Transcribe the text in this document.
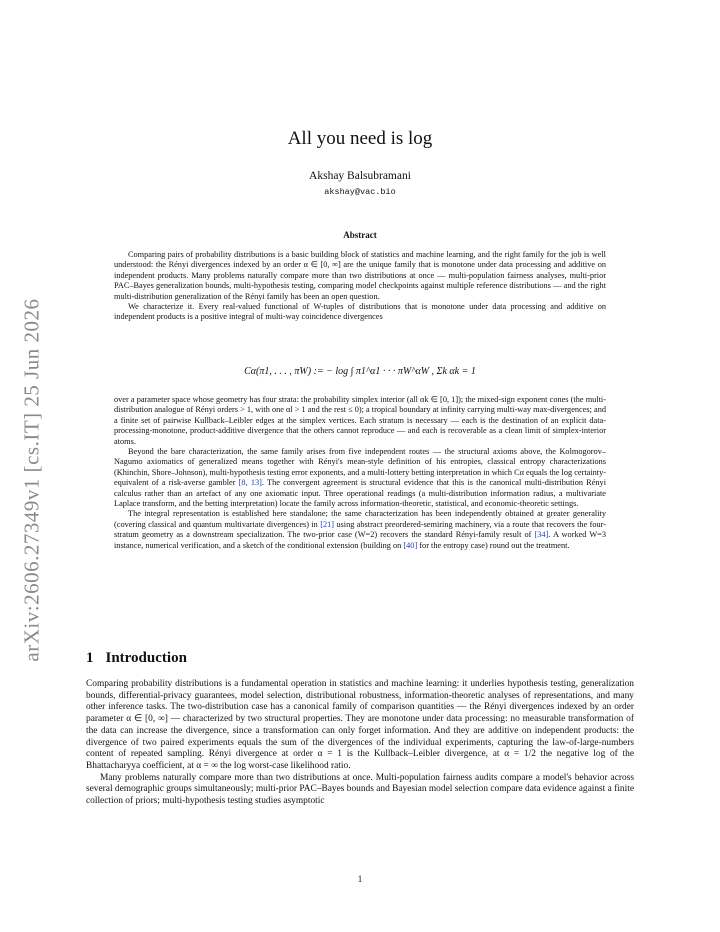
arXiv:2606.27349v1 [cs.IT] 25 Jun 2026
All you need is log
Akshay Balsubramani
akshay@vac.bio
Abstract

Comparing pairs of probability distributions is a basic building block of statistics and machine learning, and the right family for the job is well understood: the Rényi divergences indexed by an order α ∈ [0, ∞] are the unique family that is monotone under data processing and additive on independent products. Many problems naturally compare more than two distributions at once — multi-population fairness analyses, multi-prior PAC–Bayes generalization bounds, multi-hypothesis testing, comparing model checkpoints against multiple reference distributions — and the right multi-distribution generalization of the Rényi family has been an open question.

We characterize it. Every real-valued functional of W-tuples of distributions that is monotone under data processing and additive on independent products is a positive integral of multi-way coincidence divergences

Cα(π1, . . . , πW) := − log ∫ π1^α1 · · · πW^αW , Σk αk = 1

over a parameter space whose geometry has four strata: the probability simplex interior (all αk ∈ [0, 1]); the mixed-sign exponent cones (the multi-distribution analogue of Rényi orders > 1, with one αl > 1 and the rest ≤ 0); a tropical boundary at infinity carrying multi-way max-divergences; and a finite set of pairwise Kullback–Leibler edges at the simplex vertices. Each stratum is necessary — each is the destination of an explicit data-processing-monotone, product-additive divergence that the others cannot reproduce — and each is recoverable as a clean limit of simplex-interior atoms.

Beyond the bare characterization, the same family arises from five independent routes — the structural axioms above, the Kolmogorov–Nagumo axiomatics of generalized means together with Rényi's mean-style definition of his entropies, classical entropy characterizations (Khinchin, Shore–Johnson), multi-hypothesis testing error exponents, and a multi-lottery betting interpretation in which Cα equals the log certainty-equivalent of a risk-averse gambler [8, 13]. The convergent agreement is structural evidence that this is the canonical multi-distribution Rényi calculus rather than an artefact of any one axiomatic input. Three operational readings (a multi-distribution information radius, a multivariate Laplace transform, and the betting interpretation) locate the family across information-theoretic, statistical, and economic-theoretic settings.

The integral representation is established here standalone; the same characterization has been independently obtained at greater generality (covering classical and quantum multivariate divergences) in [21] using abstract preordered-semiring machinery, via a route that recovers the four-stratum geometry as a downstream specialization. The two-prior case (W=2) recovers the standard Rényi-family result of [34]. A worked W=3 instance, numerical verification, and a sketch of the conditional extension (building on [40] for the entropy case) round out the treatment.

1 Introduction

Comparing probability distributions is a fundamental operation in statistics and machine learning: it underlies hypothesis testing, generalization bounds, differential-privacy guarantees, model selection, distributional robustness, information-theoretic analyses of representations, and many other inference tasks. The two-distribution case has a canonical family of comparison quantities — the Rényi divergences indexed by an order parameter α ∈ [0, ∞] — characterized by two structural properties. They are monotone under data processing: no measurable transformation of the data can increase the divergence, since a transformation can only forget information. And they are additive on independent products: the divergence of two paired experiments equals the sum of the divergences of the individual experiments, capturing the law-of-large-numbers content of repeated sampling. Rényi divergence at order α = 1 is the Kullback–Leibler divergence, at α = 1/2 the negative log of the Bhattacharyya coefficient, at α = ∞ the log worst-case likelihood ratio.

Many problems naturally compare more than two distributions at once. Multi-population fairness audits compare a model's behavior across several demographic groups simultaneously; multi-prior PAC–Bayes bounds and Bayesian model selection compare data evidence against a finite collection of priors; multi-hypothesis testing studies asymptotic

1
